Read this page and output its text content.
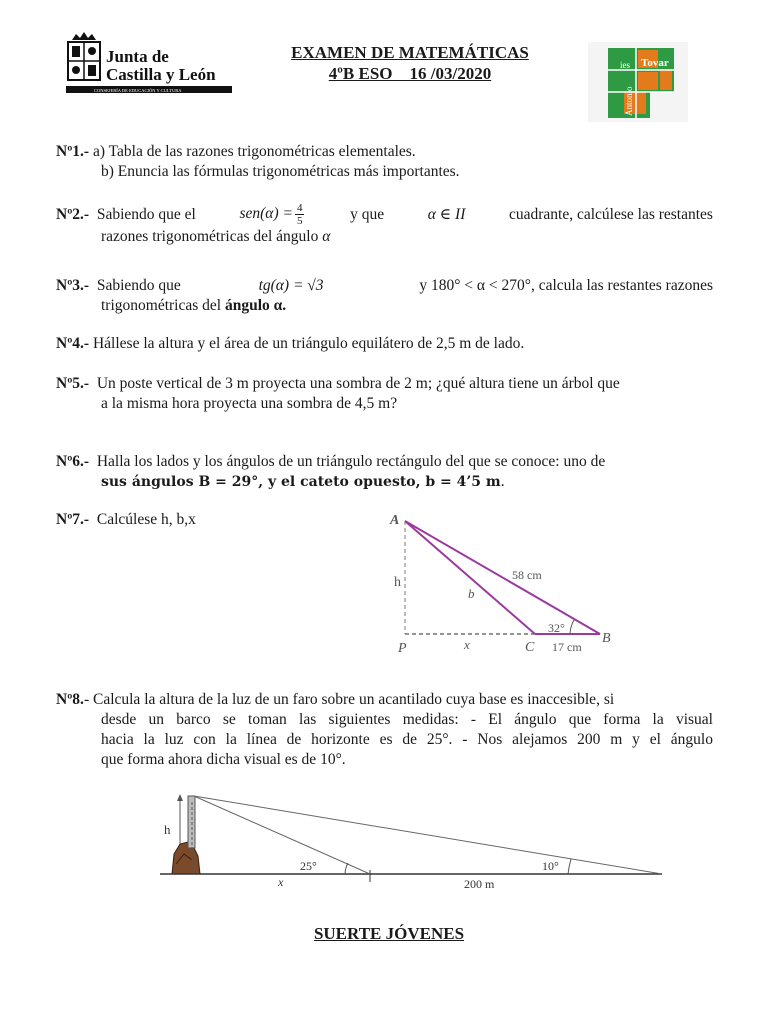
Junta de
Castilla y León
CONSEJERÍA DE EDUCACIÓN Y CULTURA
EXAMEN DE MATEMÁTICAS
4ºB ESO    16 /03/2020	ies Tovar
Antonio
Nº1.- a) Tabla de las razones trigonométricas elementales.
b) Enuncia las fórmulas trigonométricas más importantes.
Nº2.- Sabiendo que el	$sen(\alpha) = \frac{4}{5}$	y que	α ∈ II	cuadrante, calcúlese las restantes
razones trigonométricas del ángulo α
Nº3.- Sabiendo que	tg(α) = √3	y 180° < α < 270°, calcula las restantes razones
trigonométricas del ángulo α.
Nº4.- Hállese la altura y el área de un triángulo equilátero de 2,5 m de lado.
Nº5.- Un poste vertical de 3 m proyecta una sombra de 2 m; ¿qué altura tiene un árbol que
a la misma hora proyecta una sombra de 4,5 m?
Nº6.- Halla los lados y los ángulos de un triángulo rectángulo del que se conoce: uno de
sus ángulos B = 29°, y el cateto opuesto, b = 4’5 m.
Nº7.- Calcúlese h, b,x	A
B
C
P
h
b
x
58 cm
32°
17 cm
Nº8.- Calcula la altura de la luz de un faro sobre un acantilado cuya base es inaccesible, si
desde un barco se toman las siguientes medidas: - El ángulo que forma la visual
hacia la luz con la línea de horizonte es de 25°. - Nos alejamos 200 m y el ángulo
que forma ahora dicha visual es de 10°.
h
x
25°	10°
200 m
SUERTE JÓVENES
